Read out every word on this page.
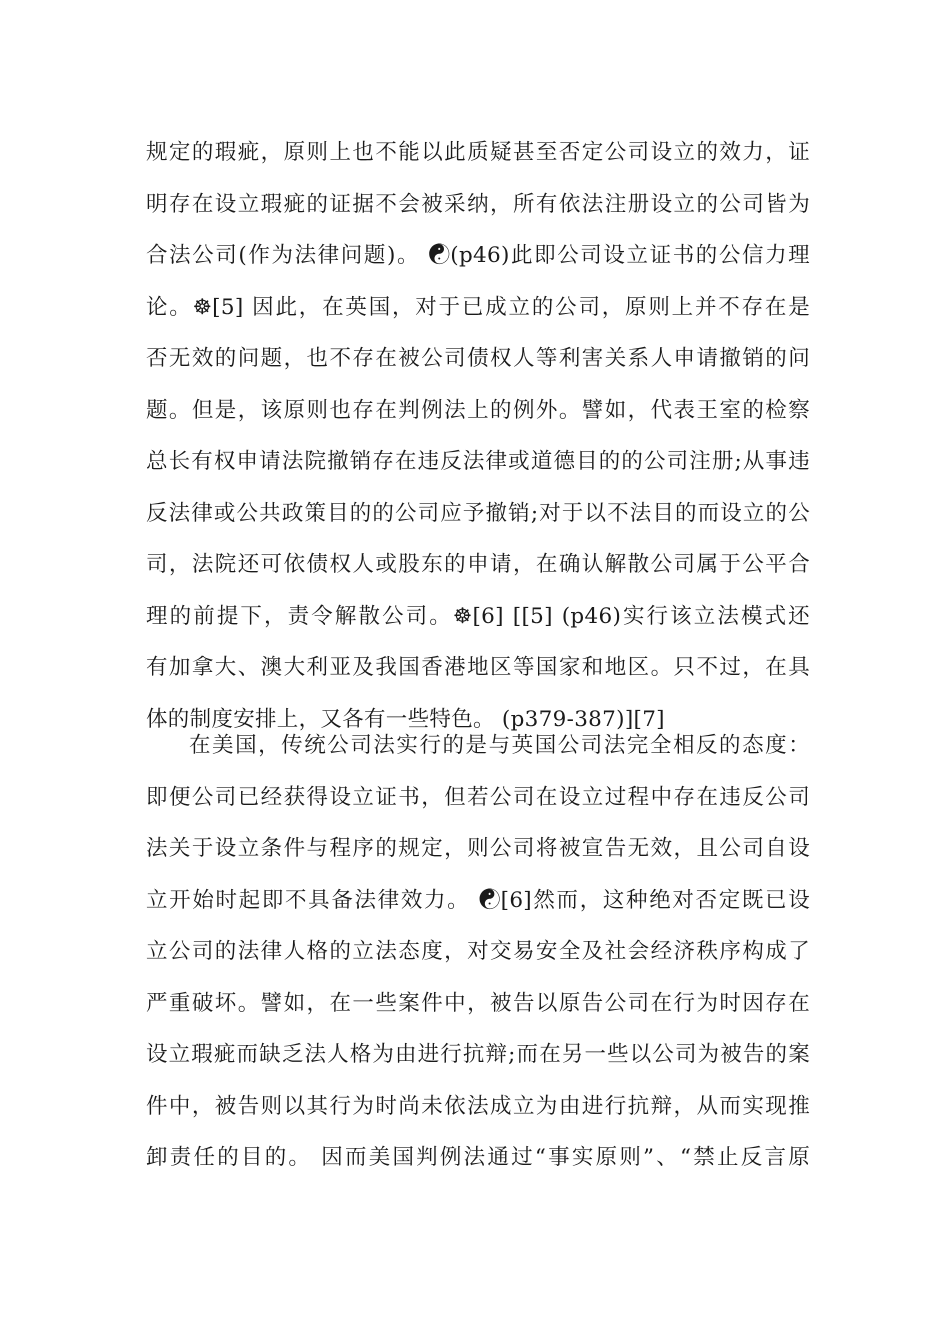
规定的瑕疵，原则上也不能以此质疑甚至否定公司设立的效力，证
明存在设立瑕疵的证据不会被采纳，所有依法注册设立的公司皆为
合法公司(作为法律问题)。 ☯(p46)此即公司设立证书的公信力理
论。☸[5] 因此，在英国，对于已成立的公司，原则上并不存在是
否无效的问题，也不存在被公司债权人等利害关系人申请撤销的问
题。但是，该原则也存在判例法上的例外。譬如，代表王室的检察
总长有权申请法院撤销存在违反法律或道德目的的公司注册;从事违
反法律或公共政策目的的公司应予撤销;对于以不法目的而设立的公
司，法院还可依债权人或股东的申请，在确认解散公司属于公平合
理的前提下，责令解散公司。☸[6] [[5] (p46)实行该立法模式还
有加拿大、澳大利亚及我国香港地区等国家和地区。只不过，在具
体的制度安排上，又各有一些特色。 (p379-387)][7]
在美国，传统公司法实行的是与英国公司法完全相反的态度：
即便公司已经获得设立证书，但若公司在设立过程中存在违反公司
法关于设立条件与程序的规定，则公司将被宣告无效，且公司自设
立开始时起即不具备法律效力。 ☯[6]然而，这种绝对否定既已设
立公司的法律人格的立法态度，对交易安全及社会经济秩序构成了
严重破坏。譬如，在一些案件中，被告以原告公司在行为时因存在
设立瑕疵而缺乏法人格为由进行抗辩;而在另一些以公司为被告的案
件中，被告则以其行为时尚未依法成立为由进行抗辩，从而实现推
卸责任的目的。 因而美国判例法通过“事实原则”、“禁止反言原
